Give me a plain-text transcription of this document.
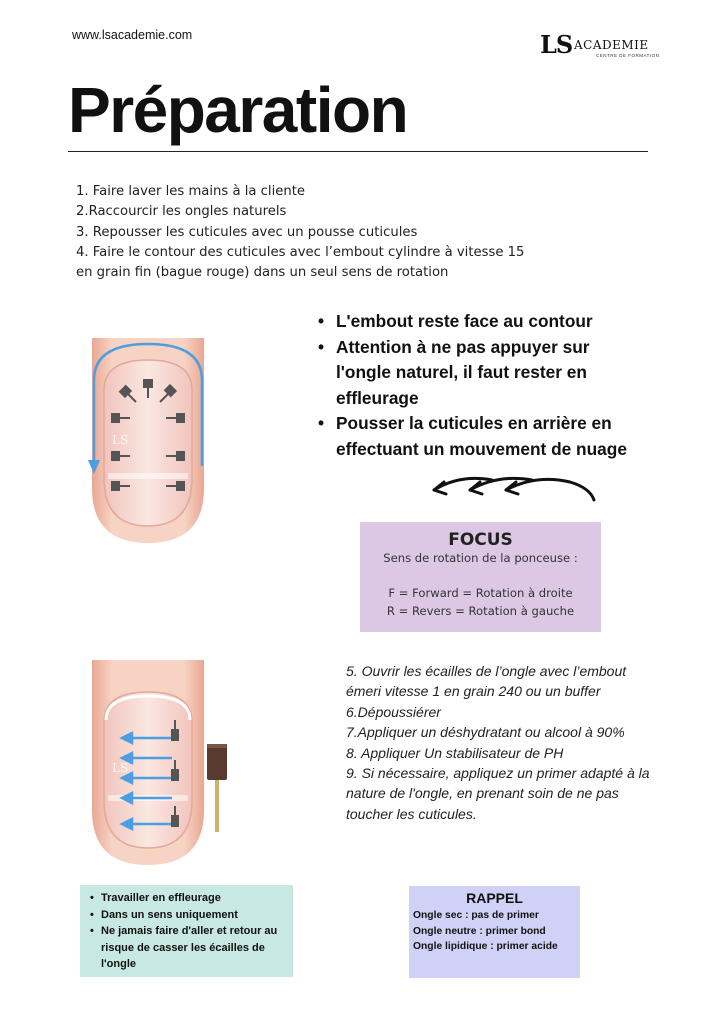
www.lsacademie.com	LS ACADEMIE
CENTRE DE FORMATION
Préparation

1. Faire laver les mains à la cliente

2.Raccourcir les ongles naturels

3. Repousser les cuticules avec un pousse cuticules

4. Faire le contour des cuticules avec l’embout cylindre à vitesse 15

en grain fin (bague rouge) dans un seul sens de rotation

LS
• L'embout reste face au contour
• Attention à ne pas appuyer sur l'ongle naturel, il faut rester en effleurage
• Pousser la cuticules en arrière en effectuant un mouvement de nuage
FOCUS
Sens de rotation de la ponceuse :

F = Forward = Rotation à droite
R = Revers = Rotation à gauche
LS

5. Ouvrir les écailles de l’ongle avec l’embout émeri vitesse 1 en grain 240 ou un buffer

6.Dépoussiérer

7.Appliquer un déshydratant ou alcool à 90%

8. Appliquer Un stabilisateur de PH

9. Si nécessaire, appliquez un primer adapté à la nature de l'ongle, en prenant soin de ne pas toucher les cuticules.

• Travailler en effleurage
• Dans un sens uniquement
• Ne jamais faire d'aller et retour au risque de casser les écailles de l'ongle
RAPPEL
Ongle sec : pas de primer
Ongle neutre : primer bond
Ongle lipidique : primer acide
